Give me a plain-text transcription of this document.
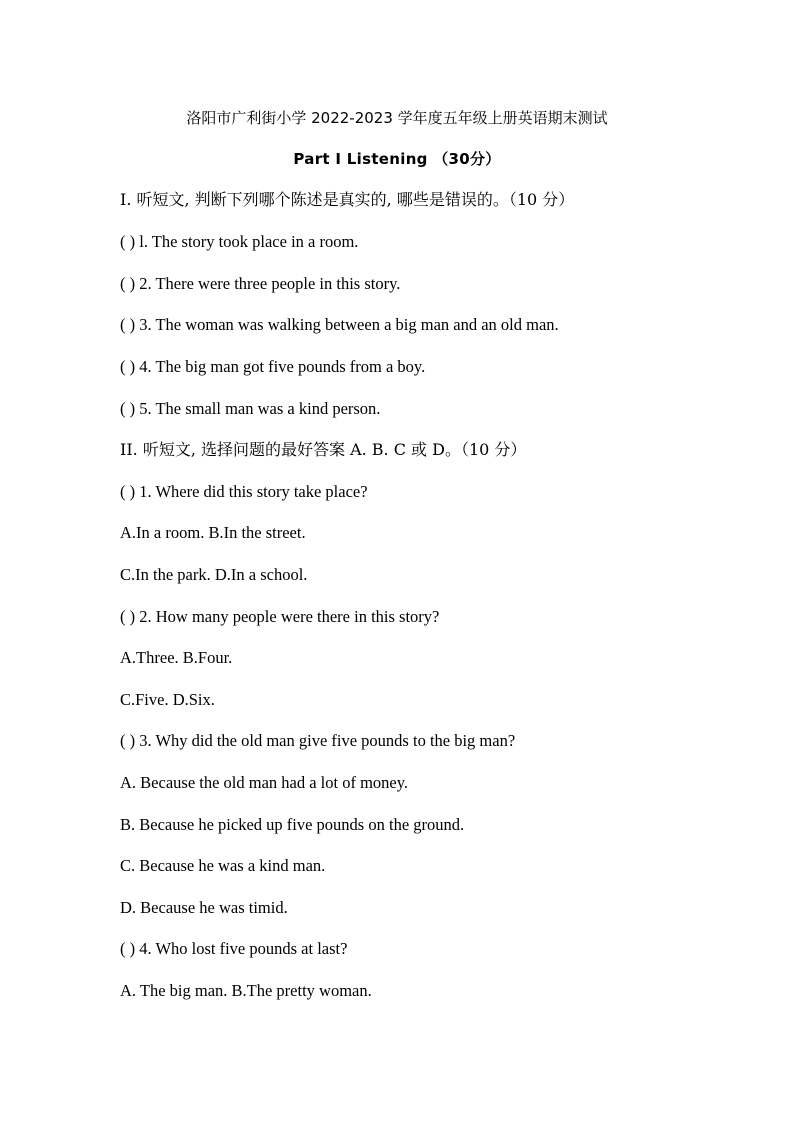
洛阳市广利街小学 2022-2023 学年度五年级上册英语期末测试
Part I Listening （30分）
I. 听短文, 判断下列哪个陈述是真实的, 哪些是错误的。（10 分）
( ) l. The story took place in a room.
( ) 2. There were three people in this story.
( ) 3. The woman was walking between a big man and an old man.
( ) 4. The big man got five pounds from a boy.
( ) 5. The small man was a kind person.
II. 听短文, 选择问题的最好答案 A. B. C 或 D。（10 分）
( ) 1. Where did this story take place?
A.In a room. B.In the street.
C.In the park. D.In a school.
( ) 2. How many people were there in this story?
A.Three. B.Four.
C.Five. D.Six.
( ) 3. Why did the old man give five pounds to the big man?
A. Because the old man had a lot of money.
B. Because he picked up five pounds on the ground.
C. Because he was a kind man.
D. Because he was timid.
( ) 4. Who lost five pounds at last?
A. The big man. B.The pretty woman.
